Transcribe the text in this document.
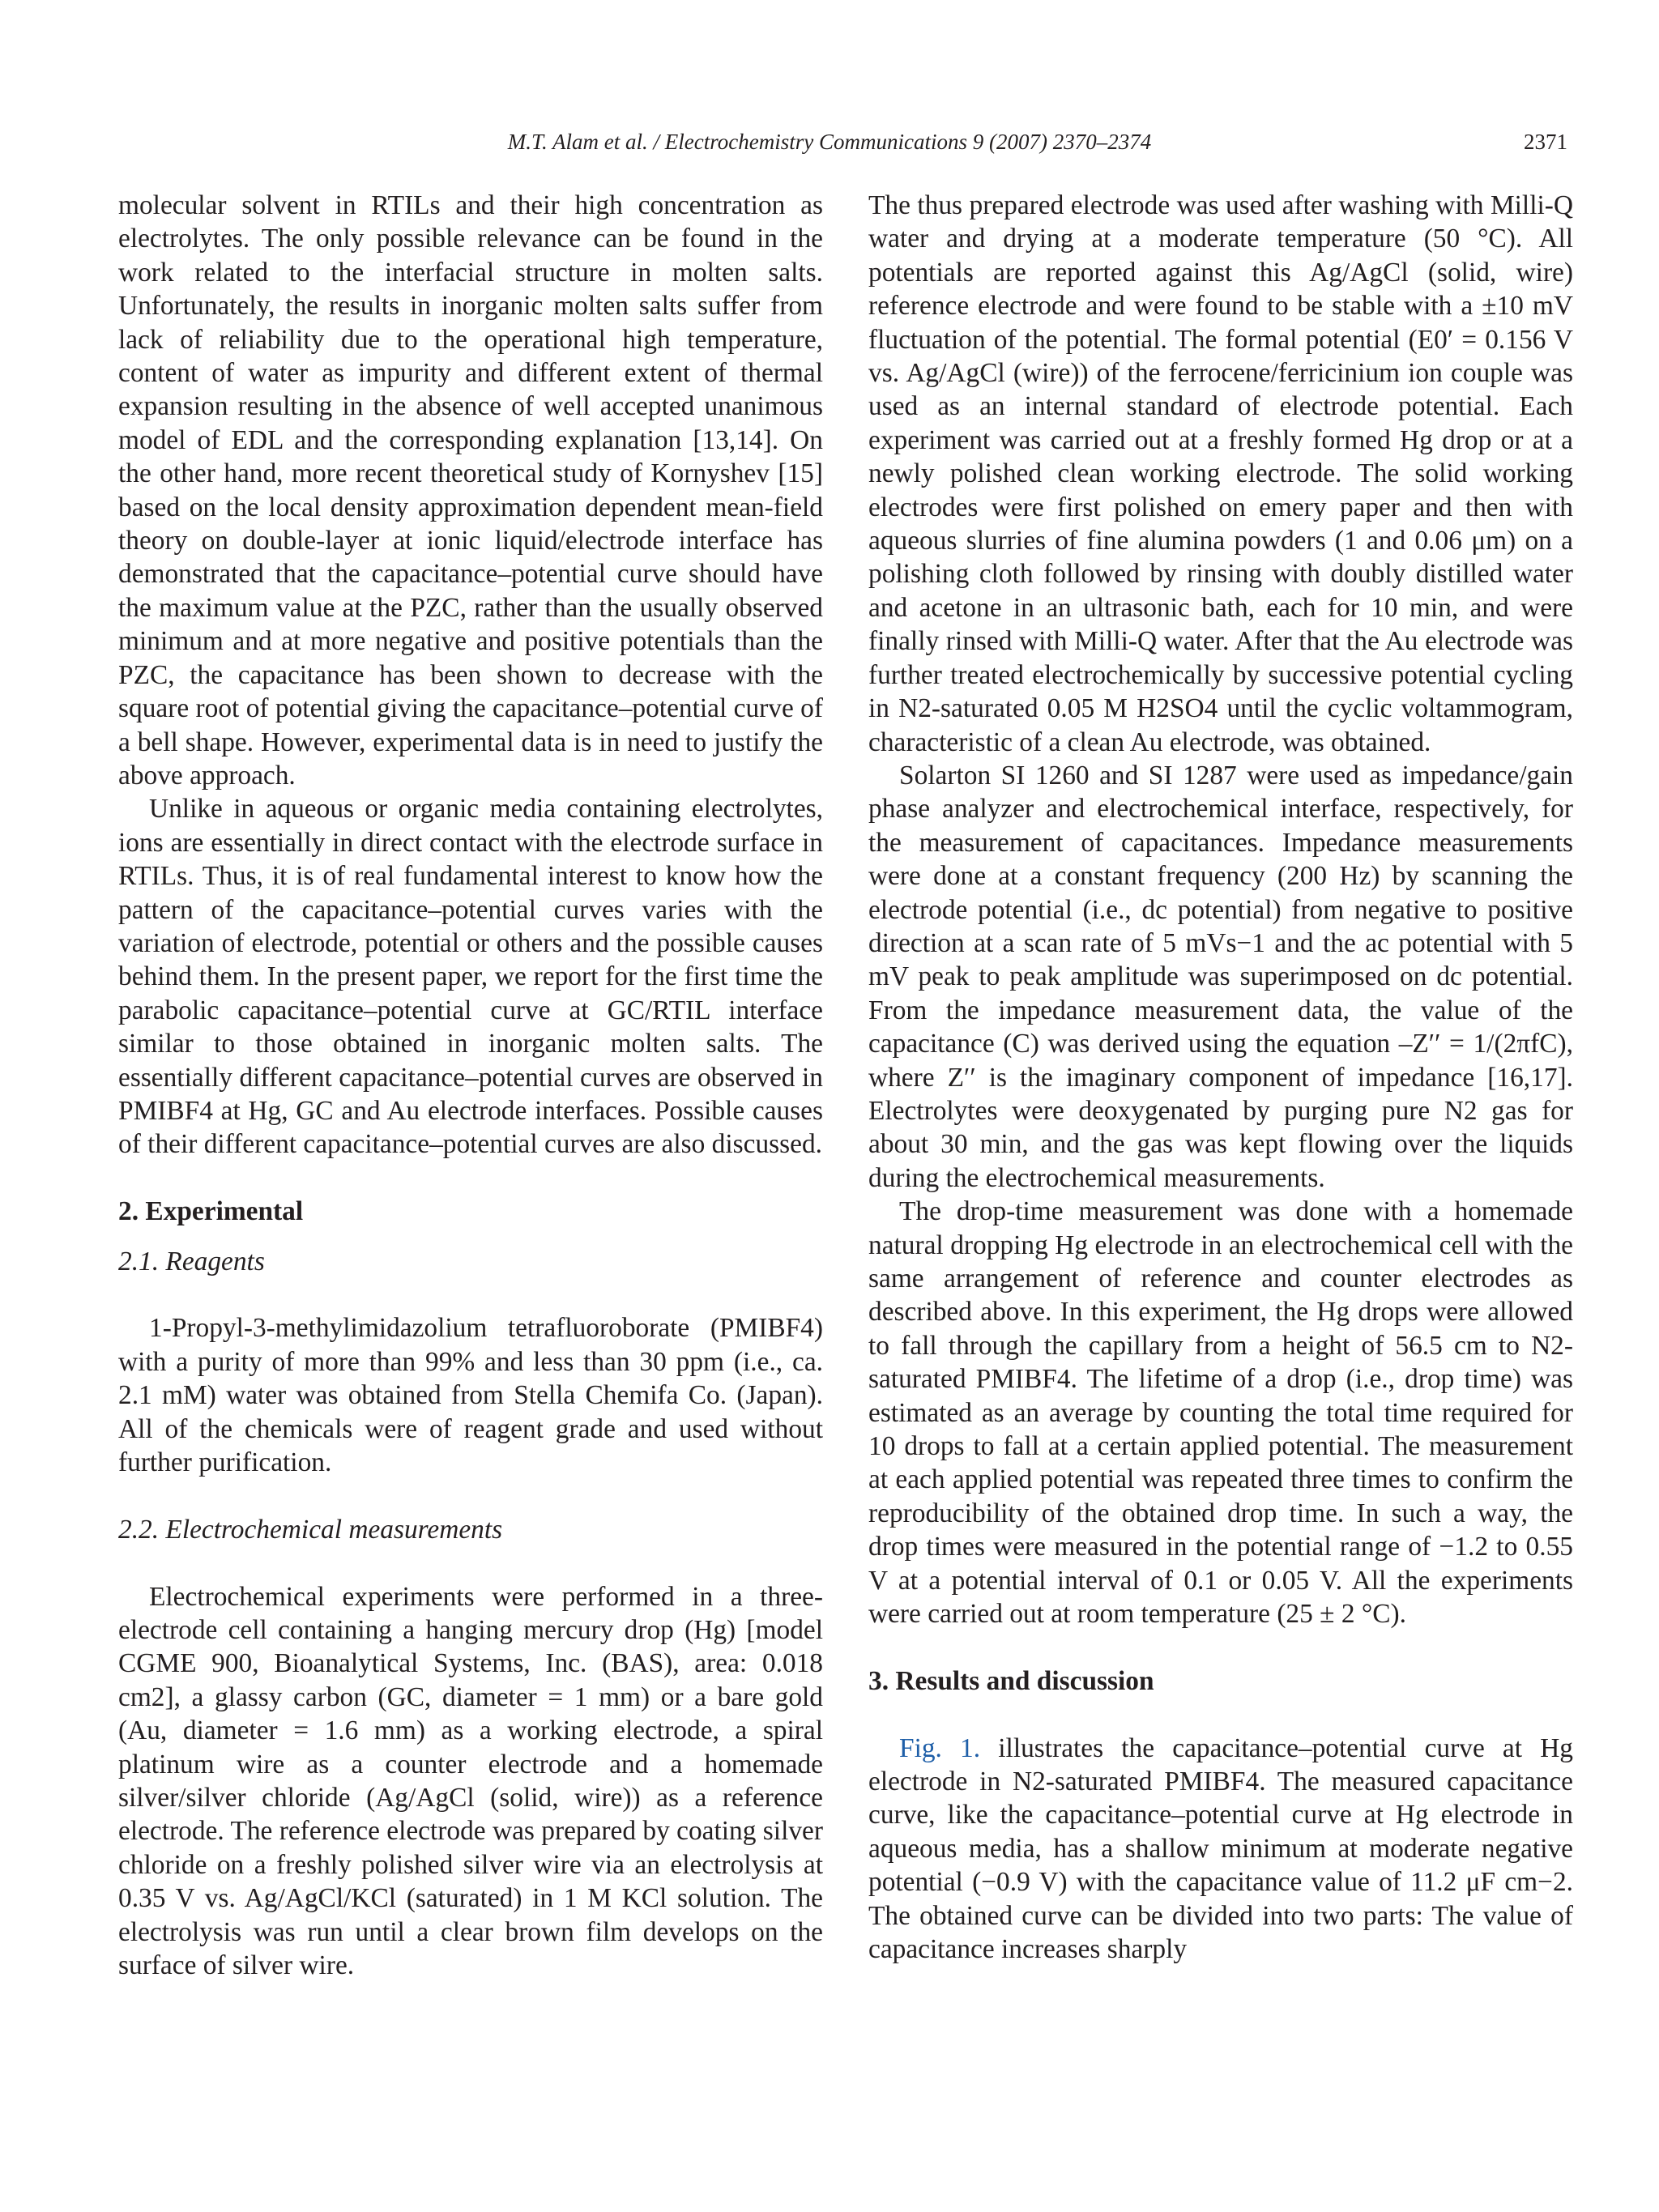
M.T. Alam et al. / Electrochemistry Communications 9 (2007) 2370–2374	2371

molecular solvent in RTILs and their high concentration as electrolytes. The only possible relevance can be found in the work related to the interfacial structure in molten salts. Unfortunately, the results in inorganic molten salts suffer from lack of reliability due to the operational high temperature, content of water as impurity and different extent of thermal expansion resulting in the absence of well accepted unanimous model of EDL and the corresponding explanation [13,14]. On the other hand, more recent theoretical study of Kornyshev [15] based on the local density approximation dependent mean-field theory on double-layer at ionic liquid/electrode interface has demonstrated that the capacitance–potential curve should have the maximum value at the PZC, rather than the usually observed minimum and at more negative and positive potentials than the PZC, the capacitance has been shown to decrease with the square root of potential giving the capacitance–potential curve of a bell shape. However, experimental data is in need to justify the above approach.

Unlike in aqueous or organic media containing electrolytes, ions are essentially in direct contact with the electrode surface in RTILs. Thus, it is of real fundamental interest to know how the pattern of the capacitance–potential curves varies with the variation of electrode, potential or others and the possible causes behind them. In the present paper, we report for the first time the parabolic capacitance–potential curve at GC/RTIL interface similar to those obtained in inorganic molten salts. The essentially different capacitance–potential curves are observed in PMIBF4 at Hg, GC and Au electrode interfaces. Possible causes of their different capacitance–potential curves are also discussed.

2. Experimental
2.1. Reagents

1-Propyl-3-methylimidazolium tetrafluoroborate (PMIBF4) with a purity of more than 99% and less than 30 ppm (i.e., ca. 2.1 mM) water was obtained from Stella Chemifa Co. (Japan). All of the chemicals were of reagent grade and used without further purification.

2.2. Electrochemical measurements

Electrochemical experiments were performed in a three-electrode cell containing a hanging mercury drop (Hg) [model CGME 900, Bioanalytical Systems, Inc. (BAS), area: 0.018 cm2], a glassy carbon (GC, diameter = 1 mm) or a bare gold (Au, diameter = 1.6 mm) as a working electrode, a spiral platinum wire as a counter electrode and a homemade silver/silver chloride (Ag/AgCl (solid, wire)) as a reference electrode. The reference electrode was prepared by coating silver chloride on a freshly polished silver wire via an electrolysis at 0.35 V vs. Ag/AgCl/KCl (saturated) in 1 M KCl solution. The electrolysis was run until a clear brown film develops on the surface of silver wire.

The thus prepared electrode was used after washing with Milli-Q water and drying at a moderate temperature (50 °C). All potentials are reported against this Ag/AgCl (solid, wire) reference electrode and were found to be stable with a ±10 mV fluctuation of the potential. The formal potential (E0′ = 0.156 V vs. Ag/AgCl (wire)) of the ferrocene/ferricinium ion couple was used as an internal standard of electrode potential. Each experiment was carried out at a freshly formed Hg drop or at a newly polished clean working electrode. The solid working electrodes were first polished on emery paper and then with aqueous slurries of fine alumina powders (1 and 0.06 μm) on a polishing cloth followed by rinsing with doubly distilled water and acetone in an ultrasonic bath, each for 10 min, and were finally rinsed with Milli-Q water. After that the Au electrode was further treated electrochemically by successive potential cycling in N2-saturated 0.05 M H2SO4 until the cyclic voltammogram, characteristic of a clean Au electrode, was obtained.

Solarton SI 1260 and SI 1287 were used as impedance/gain phase analyzer and electrochemical interface, respectively, for the measurement of capacitances. Impedance measurements were done at a constant frequency (200 Hz) by scanning the electrode potential (i.e., dc potential) from negative to positive direction at a scan rate of 5 mVs−1 and the ac potential with 5 mV peak to peak amplitude was superimposed on dc potential. From the impedance measurement data, the value of the capacitance (C) was derived using the equation –Z′′ = 1/(2πfC), where Z′′ is the imaginary component of impedance [16,17]. Electrolytes were deoxygenated by purging pure N2 gas for about 30 min, and the gas was kept flowing over the liquids during the electrochemical measurements.

The drop-time measurement was done with a homemade natural dropping Hg electrode in an electrochemical cell with the same arrangement of reference and counter electrodes as described above. In this experiment, the Hg drops were allowed to fall through the capillary from a height of 56.5 cm to N2-saturated PMIBF4. The lifetime of a drop (i.e., drop time) was estimated as an average by counting the total time required for 10 drops to fall at a certain applied potential. The measurement at each applied potential was repeated three times to confirm the reproducibility of the obtained drop time. In such a way, the drop times were measured in the potential range of −1.2 to 0.55 V at a potential interval of 0.1 or 0.05 V. All the experiments were carried out at room temperature (25 ± 2 °C).

3. Results and discussion

Fig. 1. illustrates the capacitance–potential curve at Hg electrode in N2-saturated PMIBF4. The measured capacitance curve, like the capacitance–potential curve at Hg electrode in aqueous media, has a shallow minimum at moderate negative potential (−0.9 V) with the capacitance value of 11.2 μF cm−2. The obtained curve can be divided into two parts: The value of capacitance increases sharply
